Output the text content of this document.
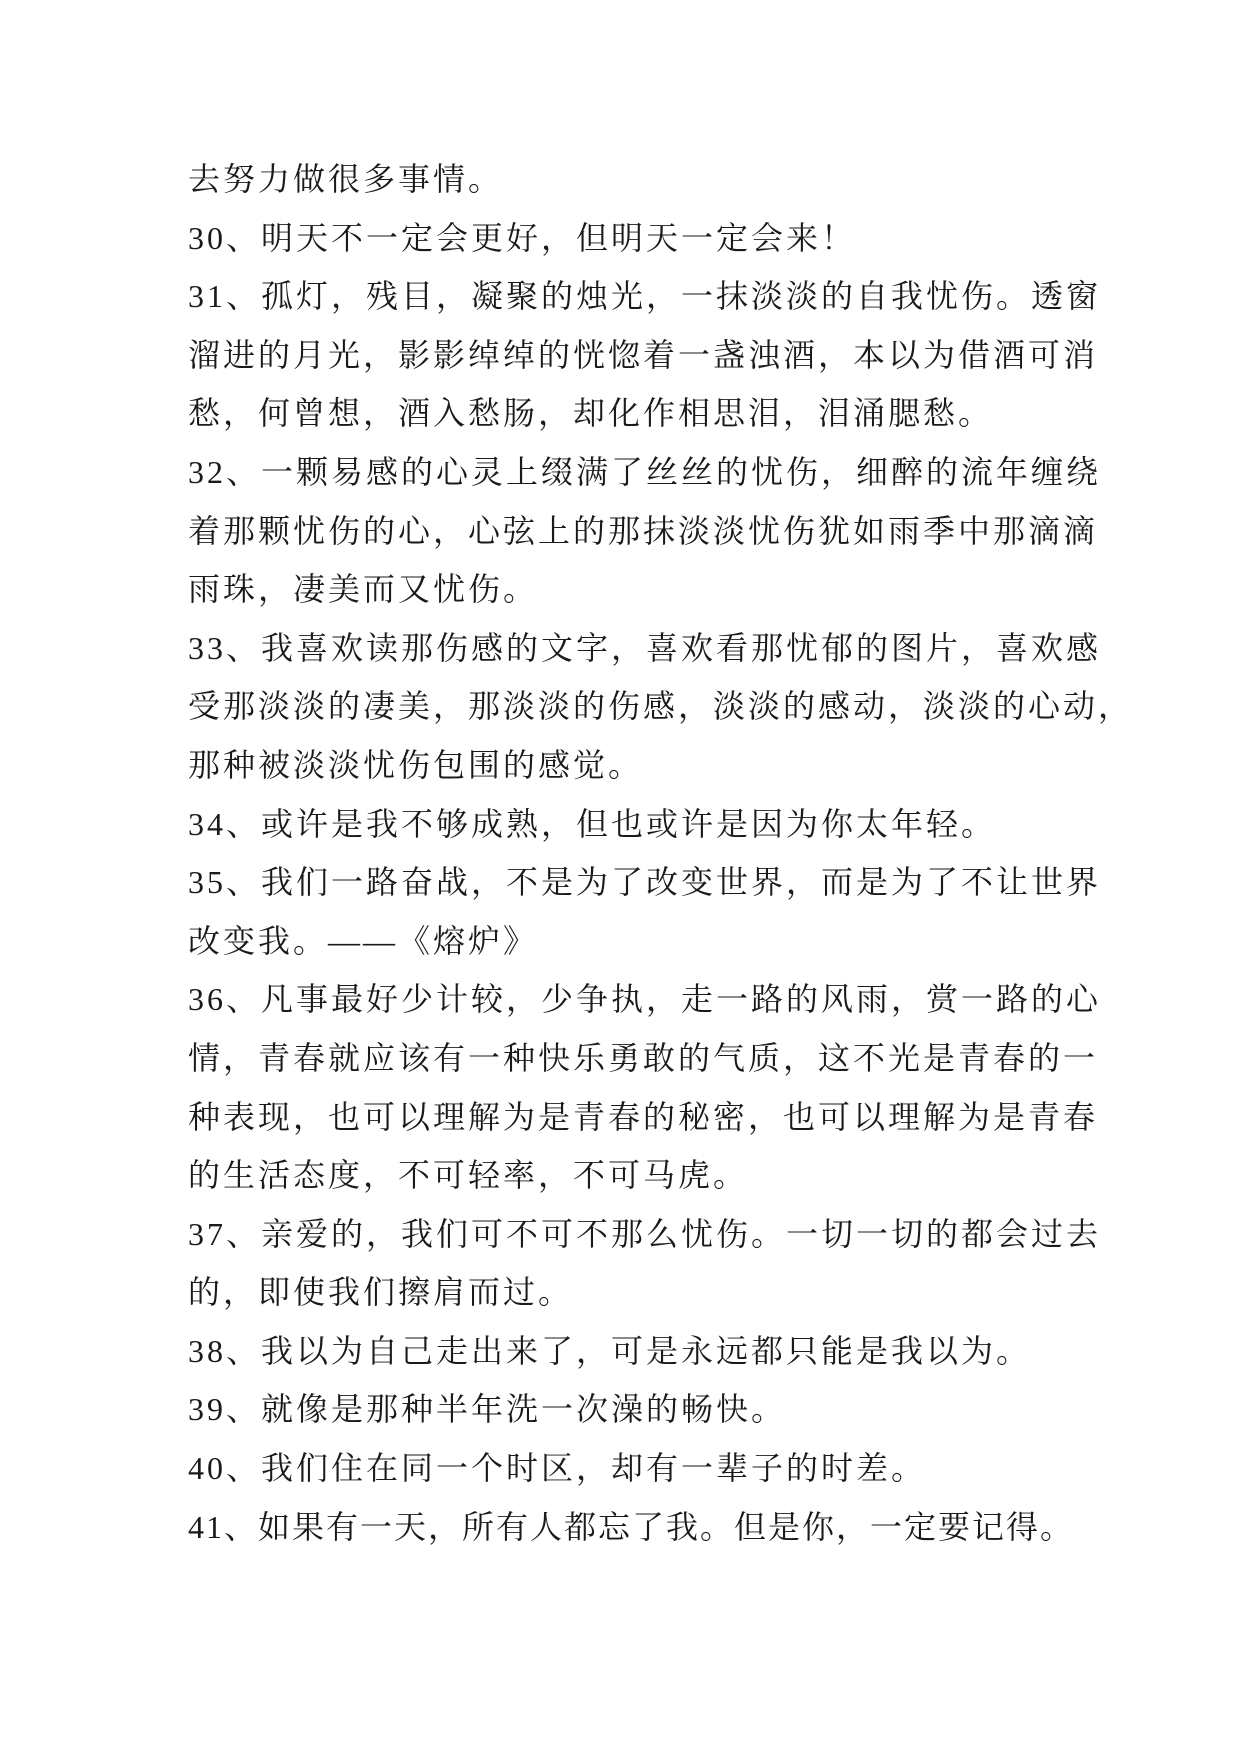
去努力做很多事情。
30、明天不一定会更好，但明天一定会来！
31、孤灯，残目，凝聚的烛光，一抹淡淡的自我忧伤。透窗
溜进的月光，影影绰绰的恍惚着一盏浊酒，本以为借酒可消
愁，何曾想，酒入愁肠，却化作相思泪，泪涌腮愁。
32、一颗易感的心灵上缀满了丝丝的忧伤，细醉的流年缠绕
着那颗忧伤的心，心弦上的那抹淡淡忧伤犹如雨季中那滴滴
雨珠，凄美而又忧伤。
33、我喜欢读那伤感的文字，喜欢看那忧郁的图片，喜欢感
受那淡淡的凄美，那淡淡的伤感，淡淡的感动，淡淡的心动，
那种被淡淡忧伤包围的感觉。
34、或许是我不够成熟，但也或许是因为你太年轻。
35、我们一路奋战，不是为了改变世界，而是为了不让世界
改变我。——《熔炉》
36、凡事最好少计较，少争执，走一路的风雨，赏一路的心
情，青春就应该有一种快乐勇敢的气质，这不光是青春的一
种表现，也可以理解为是青春的秘密，也可以理解为是青春
的生活态度，不可轻率，不可马虎。
37、亲爱的，我们可不可不那么忧伤。一切一切的都会过去
的，即使我们擦肩而过。
38、我以为自己走出来了，可是永远都只能是我以为。
39、就像是那种半年洗一次澡的畅快。
40、我们住在同一个时区，却有一辈子的时差。
41、如果有一天，所有人都忘了我。但是你，一定要记得。
